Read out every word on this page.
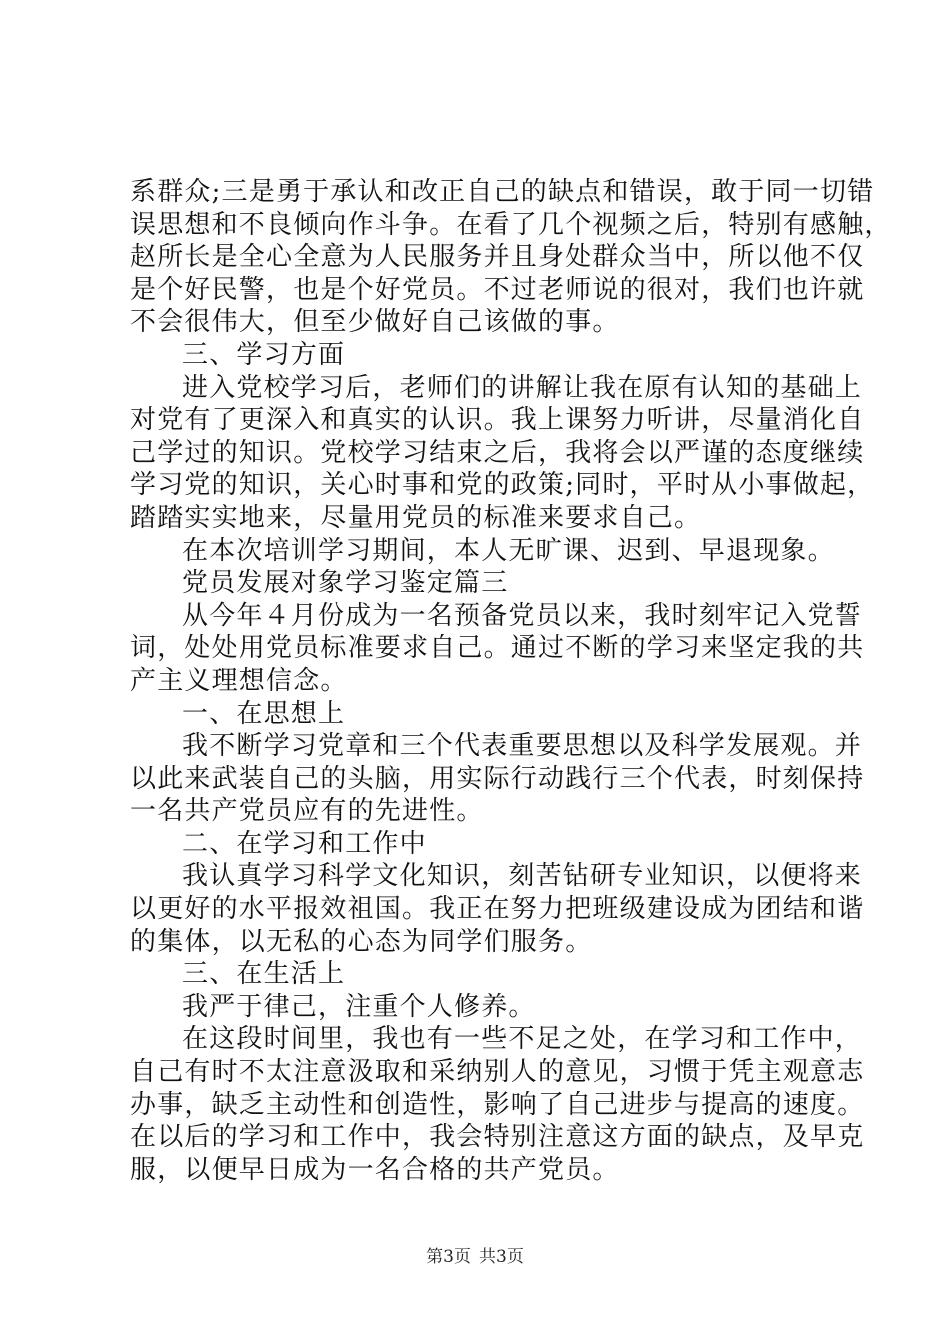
系群众;三是勇于承认和改正自己的缺点和错误，敢于同一切错
误思想和不良倾向作斗争。在看了几个视频之后，特别有感触，
赵所长是全心全意为人民服务并且身处群众当中，所以他不仅
是个好民警，也是个好党员。不过老师说的很对，我们也许就
不会很伟大，但至少做好自己该做的事。
三、学习方面
进入党校学习后，老师们的讲解让我在原有认知的基础上
对党有了更深入和真实的认识。我上课努力听讲，尽量消化自
己学过的知识。党校学习结束之后，我将会以严谨的态度继续
学习党的知识，关心时事和党的政策;同时，平时从小事做起，
踏踏实实地来，尽量用党员的标准来要求自己。
在本次培训学习期间，本人无旷课、迟到、早退现象。
党员发展对象学习鉴定篇三
从今年４月份成为一名预备党员以来，我时刻牢记入党誓
词，处处用党员标准要求自己。通过不断的学习来坚定我的共
产主义理想信念。
一、在思想上
我不断学习党章和三个代表重要思想以及科学发展观。并
以此来武装自己的头脑，用实际行动践行三个代表，时刻保持
一名共产党员应有的先进性。
二、在学习和工作中
我认真学习科学文化知识，刻苦钻研专业知识，以便将来
以更好的水平报效祖国。我正在努力把班级建设成为团结和谐
的集体，以无私的心态为同学们服务。
三、在生活上
我严于律己，注重个人修养。
在这段时间里，我也有一些不足之处，在学习和工作中，
自己有时不太注意汲取和采纳别人的意见，习惯于凭主观意志
办事，缺乏主动性和创造性，影响了自己进步与提高的速度。
在以后的学习和工作中，我会特别注意这方面的缺点，及早克
服，以便早日成为一名合格的共产党员。
第3页 共3页
